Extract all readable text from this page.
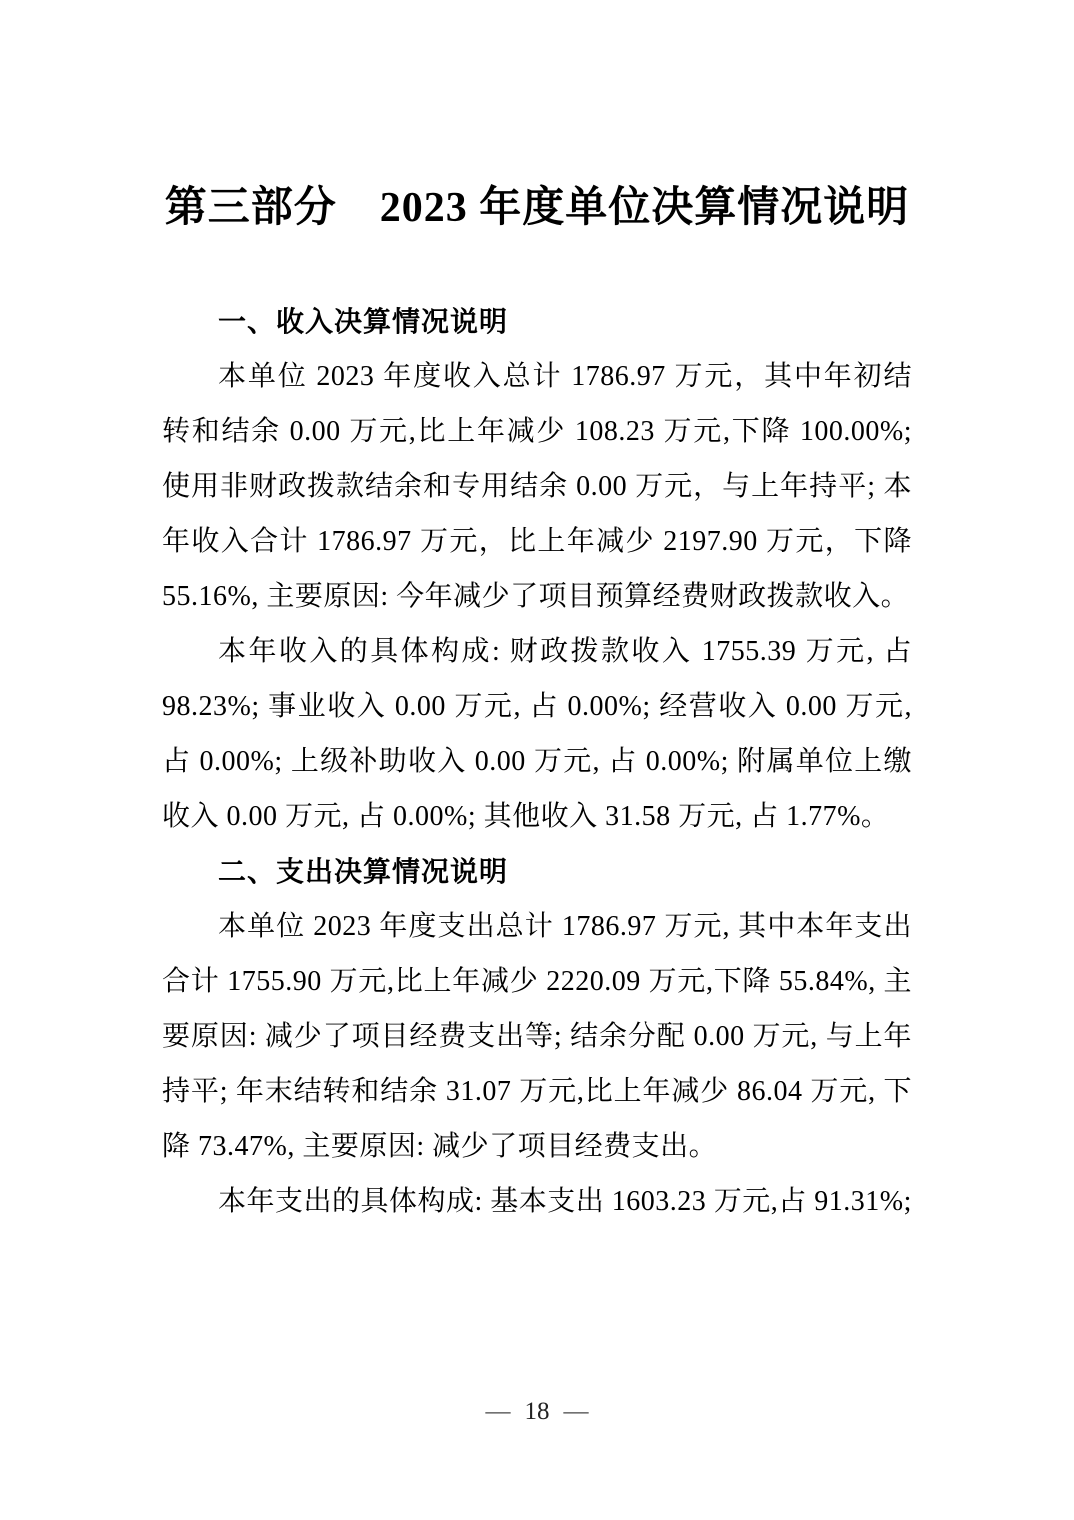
第三部分　2023 年度单位决算情况说明
一、收入决算情况说明

本单位 2023 年度收入总计 1786.97 万元，其中年初结转和结余 0.00 万元,比上年减少 108.23 万元,下降 100.00%; 使用非财政拨款结余和专用结余 0.00 万元，与上年持平; 本年收入合计 1786.97 万元，比上年减少 2197.90 万元，下降 55.16%, 主要原因: 今年减少了项目预算经费财政拨款收入。

本年收入的具体构成: 财政拨款收入 1755.39 万元, 占 98.23%; 事业收入 0.00 万元, 占 0.00%; 经营收入 0.00 万元, 占 0.00%; 上级补助收入 0.00 万元, 占 0.00%; 附属单位上缴收入 0.00 万元, 占 0.00%; 其他收入 31.58 万元, 占 1.77%。

二、支出决算情况说明

本单位 2023 年度支出总计 1786.97 万元, 其中本年支出合计 1755.90 万元,比上年减少 2220.09 万元,下降 55.84%, 主要原因: 减少了项目经费支出等; 结余分配 0.00 万元, 与上年持平; 年末结转和结余 31.07 万元,比上年减少 86.04 万元, 下降 73.47%, 主要原因: 减少了项目经费支出。

本年支出的具体构成: 基本支出 1603.23 万元,占 91.31%;

— 18 —
